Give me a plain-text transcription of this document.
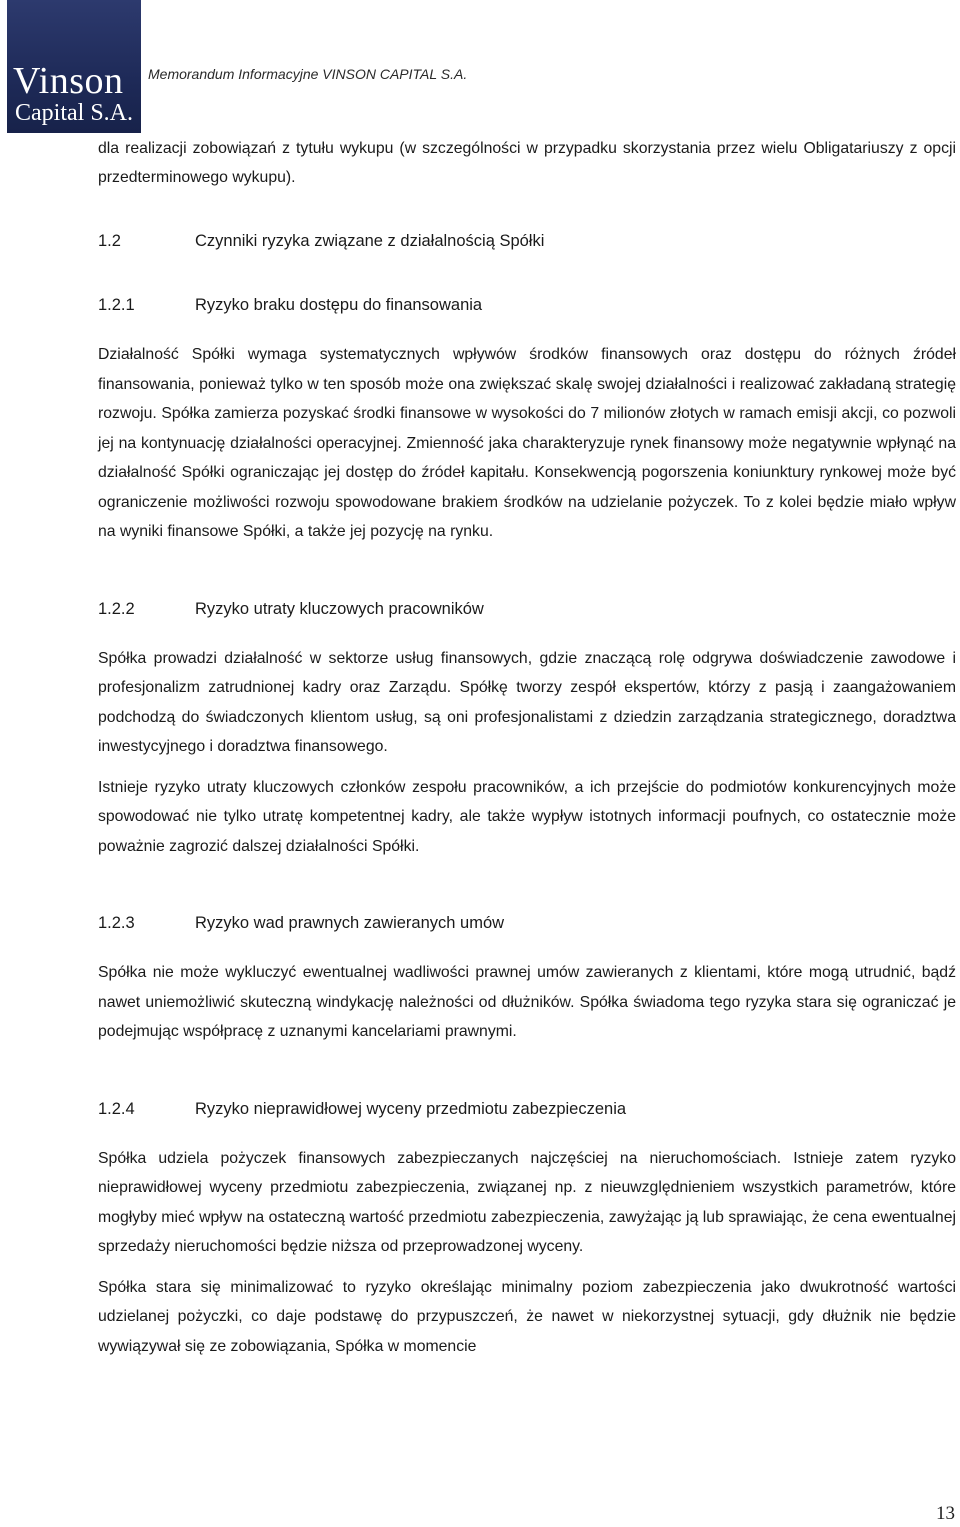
Vinson
Capital S.A.
Memorandum Informacyjne VINSON CAPITAL S.A.

dla realizacji zobowiązań z tytułu wykupu (w szczególności w przypadku skorzystania przez wielu Obligatariuszy z opcji przedterminowego wykupu).

1.2	Czynniki ryzyka związane z działalnością Spółki
1.2.1	Ryzyko braku dostępu do finansowania

Działalność Spółki wymaga systematycznych wpływów środków finansowych oraz dostępu do różnych źródeł finansowania, ponieważ tylko w ten sposób może ona zwiększać skalę swojej działalności i realizować zakładaną strategię rozwoju. Spółka zamierza pozyskać środki finansowe w wysokości do 7 milionów złotych w ramach emisji akcji, co pozwoli jej na kontynuację działalności operacyjnej. Zmienność jaka charakteryzuje rynek finansowy może negatywnie wpłynąć na działalność Spółki ograniczając jej dostęp do źródeł kapitału. Konsekwencją pogorszenia koniunktury rynkowej może być ograniczenie możliwości rozwoju spowodowane brakiem środków na udzielanie pożyczek. To z kolei będzie miało wpływ na wyniki finansowe Spółki, a także jej pozycję na rynku.

1.2.2	Ryzyko utraty kluczowych pracowników

Spółka prowadzi działalność w sektorze usług finansowych, gdzie znaczącą rolę odgrywa doświadczenie zawodowe i profesjonalizm zatrudnionej kadry oraz Zarządu. Spółkę tworzy zespół ekspertów, którzy z pasją i zaangażowaniem podchodzą do świadczonych klientom usług, są oni profesjonalistami z dziedzin zarządzania strategicznego, doradztwa inwestycyjnego i doradztwa finansowego.

Istnieje ryzyko utraty kluczowych członków zespołu pracowników, a ich przejście do podmiotów konkurencyjnych może spowodować nie tylko utratę kompetentnej kadry, ale także wypływ istotnych informacji poufnych, co ostatecznie może poważnie zagrozić dalszej działalności Spółki.

1.2.3	Ryzyko wad prawnych zawieranych umów

Spółka nie może wykluczyć ewentualnej wadliwości prawnej umów zawieranych z klientami, które mogą utrudnić, bądź nawet uniemożliwić skuteczną windykację należności od dłużników. Spółka świadoma tego ryzyka stara się ograniczać je podejmując współpracę z uznanymi kancelariami prawnymi.

1.2.4	Ryzyko nieprawidłowej wyceny przedmiotu zabezpieczenia

Spółka udziela pożyczek finansowych zabezpieczanych najczęściej na nieruchomościach. Istnieje zatem ryzyko nieprawidłowej wyceny przedmiotu zabezpieczenia, związanej np. z nieuwzględnieniem wszystkich parametrów, które mogłyby mieć wpływ na ostateczną wartość przedmiotu zabezpieczenia, zawyżając ją lub sprawiając, że cena ewentualnej sprzedaży nieruchomości będzie niższa od przeprowadzonej wyceny.

Spółka stara się minimalizować to ryzyko określając minimalny poziom zabezpieczenia jako dwukrotność wartości udzielanej pożyczki, co daje podstawę do przypuszczeń, że nawet w niekorzystnej sytuacji, gdy dłużnik nie będzie wywiązywał się ze zobowiązania, Spółka w momencie

13
